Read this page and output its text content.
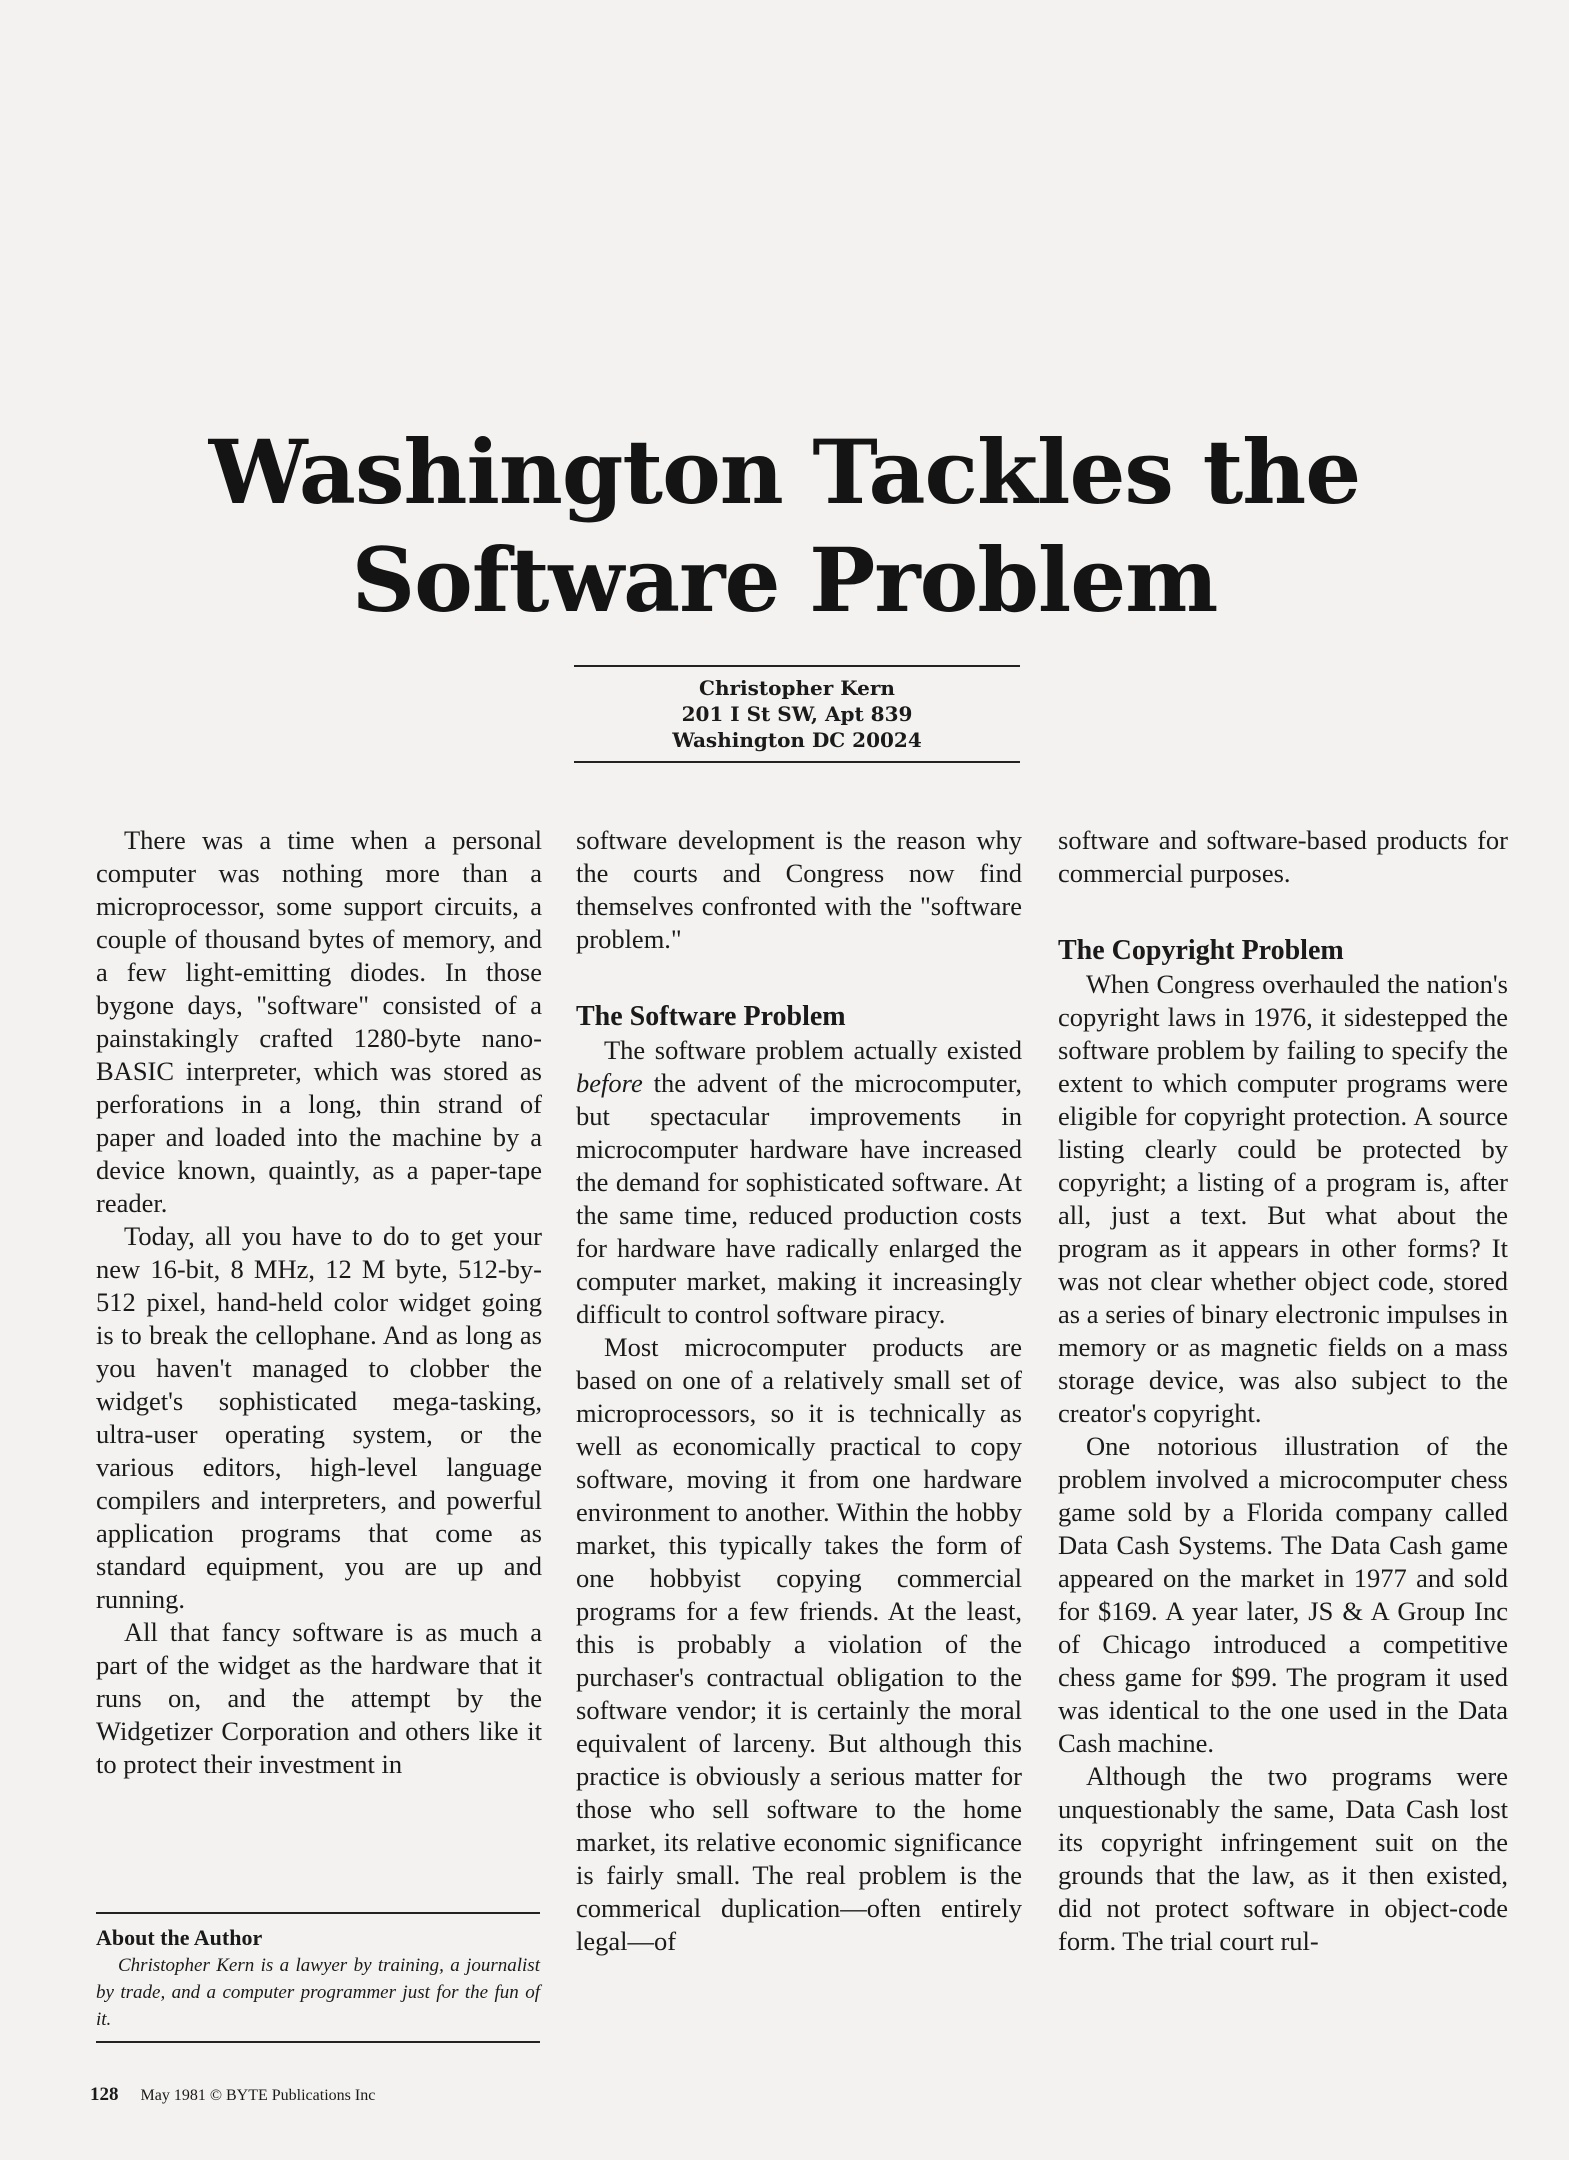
Washington Tackles the
Software Problem
Christopher Kern
201 I St SW, Apt 839
Washington DC 20024

There was a time when a personal computer was nothing more than a microprocessor, some support circuits, a couple of thousand bytes of memory, and a few light-emitting diodes. In those bygone days, "software" consisted of a painstakingly crafted 1280-byte nano-BASIC interpreter, which was stored as perforations in a long, thin strand of paper and loaded into the machine by a device known, quaintly, as a paper-tape reader.

Today, all you have to do to get your new 16-bit, 8 MHz, 12 M byte, 512-by-512 pixel, hand-held color widget going is to break the cellophane. And as long as you haven't managed to clobber the widget's sophisticated mega-tasking, ultra-user operating system, or the various editors, high-level language compilers and interpreters, and powerful application programs that come as standard equipment, you are up and running.

All that fancy software is as much a part of the widget as the hardware that it runs on, and the attempt by the Widgetizer Corporation and others like it to protect their investment in

software development is the reason why the courts and Congress now find themselves confronted with the "software problem."

The Software Problem

The software problem actually existed before the advent of the microcomputer, but spectacular improvements in microcomputer hardware have increased the demand for sophisticated software. At the same time, reduced production costs for hardware have radically enlarged the computer market, making it increasingly difficult to control software piracy.

Most microcomputer products are based on one of a relatively small set of microprocessors, so it is technically as well as economically practical to copy software, moving it from one hardware environment to another. Within the hobby market, this typically takes the form of one hobbyist copying commercial programs for a few friends. At the least, this is probably a violation of the purchaser's contractual obligation to the software vendor; it is certainly the moral equivalent of larceny. But although this practice is obviously a serious matter for those who sell software to the home market, its relative economic significance is fairly small. The real problem is the commerical duplication—often entirely legal—of

software and software-based products for commercial purposes.

The Copyright Problem

When Congress overhauled the nation's copyright laws in 1976, it sidestepped the software problem by failing to specify the extent to which computer programs were eligible for copyright protection. A source listing clearly could be protected by copyright; a listing of a program is, after all, just a text. But what about the program as it appears in other forms? It was not clear whether object code, stored as a series of binary electronic impulses in memory or as magnetic fields on a mass storage device, was also subject to the creator's copyright.

One notorious illustration of the problem involved a microcomputer chess game sold by a Florida company called Data Cash Systems. The Data Cash game appeared on the market in 1977 and sold for $169. A year later, JS & A Group Inc of Chicago introduced a competitive chess game for $99. The program it used was identical to the one used in the Data Cash machine.

Although the two programs were unquestionably the same, Data Cash lost its copyright infringement suit on the grounds that the law, as it then existed, did not protect software in object-code form. The trial court rul-

About the Author

Christopher Kern is a lawyer by training, a journalist by trade, and a computer programmer just for the fun of it.

128 May 1981 © BYTE Publications Inc
